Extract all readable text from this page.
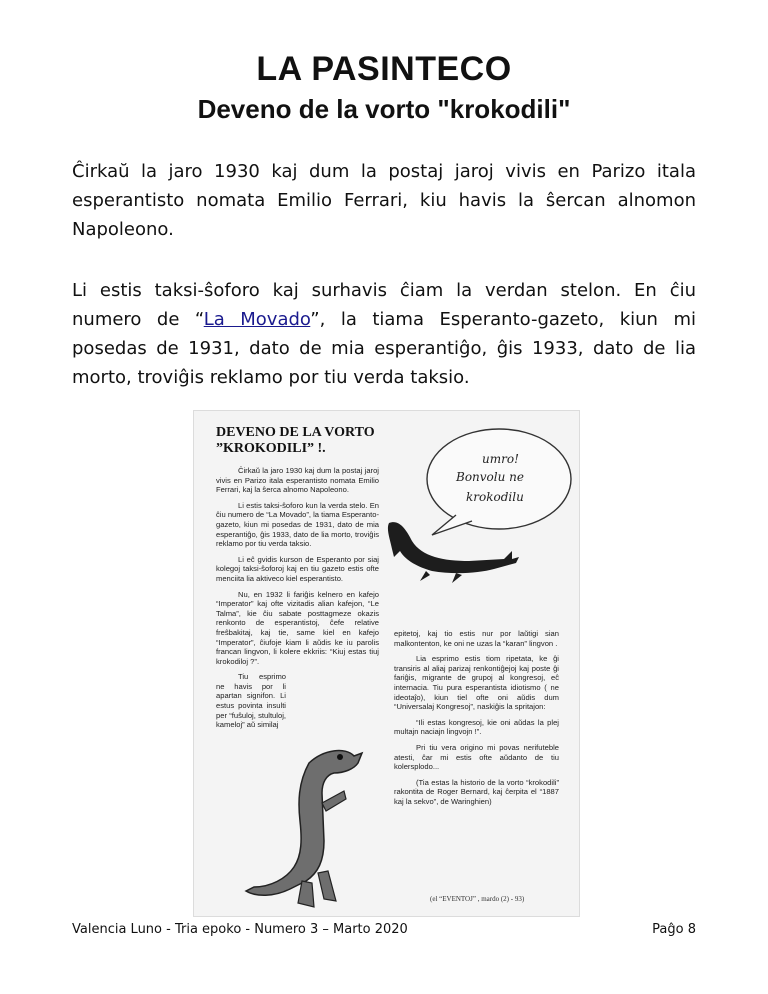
LA PASINTECO
Deveno de la vorto "krokodili"
Ĉirkaŭ la jaro 1930 kaj dum la postaj jaroj vivis en Parizo itala esperantisto nomata Emilio Ferrari, kiu havis la ŝercan alnomon Napoleono.
Li estis taksi-ŝoforo kaj surhavis ĉiam la verdan stelon. En ĉiu numero de “La Movado”, la tiama Esperanto-gazeto, kiun mi posedas de 1931, dato de mia esperantiĝo, ĝis 1933, dato de lia morto, troviĝis reklamo por tiu verda taksio.
DEVENO DE LA VORTO ”KROKODILI” !.

Ĉirkaŭ la jaro 1930 kaj dum la postaj jaroj vivis en Parizo itala esperantisto nomata Emilio Ferrari, kaj la ŝerca alnomo Napoleono.

Li estis taksi-ŝoforo kun la verda stelo. En ĉiu numero de “La Movado”, la tiama Esperanto-gazeto, kiun mi posedas de 1931, dato de mia esperantiĝo, ĝis 1933, dato de lia morto, troviĝis reklamo por tiu verda taksio.

Li eĉ gvidis kurson de Esperanto por siaj kolegoj taksi-ŝoforoj kaj en tiu gazeto estis ofte menciita lia aktiveco kiel esperantisto.

Nu, en 1932 li fariĝis kelnero en kafejo “Imperator” kaj ofte vizitadis alian kafejon, “Le Talma”, kie ĉiu sabate posttagmeze okazis renkonto de esperantistoj, ĉefe relative freŝbakitaj, kaj tie, same kiel en kafejo “Imperator”, ĉiufoje kiam li aŭdis ke iu parolis francan lingvon, li kolere ekkriis: “Kiuj estas tiuj krokodiloj ?”.

Tiu esprimo ne havis por li apartan signifon. Li estus povinta insulti per “fuŝuloj, stultuloj, kameloj” aŭ similaj

epitetoj, kaj tio estis nur por laŭtigi sian malkontenton, ke oni ne uzas la “karan” lingvon .

Lia esprimo estis tiom ripetata, ke ĝi transiris al aliaj parizaj renkontiĝejoj kaj poste ĝi fariĝis, migrante de grupoj al kongresoj, eĉ internacia. Tiu pura esperantista idiotismo ( ne ideotaĵo), kiun tiel ofte oni aŭdis dum “Universalaj Kongresoj”, naskiĝis la spritajon:

“Ili estas kongresoj, kie oni aŭdas la plej multajn naciajn lingvojn !”.

Pri tiu vera origino mi povas nerifuteble atesti, ĉar mi estis ofte aŭdanto de tiu kolersplodo...

(Tia estas la historio de la vorto “krokodili” rakontita de Roger Bernard, kaj ĉerpita el “1887 kaj la sekvo”, de Waringhien)

(el “EVENTOJ” , mardo (2) - 93)
umro!
Bonvolu ne
krokodilu
Valencia Luno - Tria epoko - Numero 3 – Marto 2020	Paĝo 8
